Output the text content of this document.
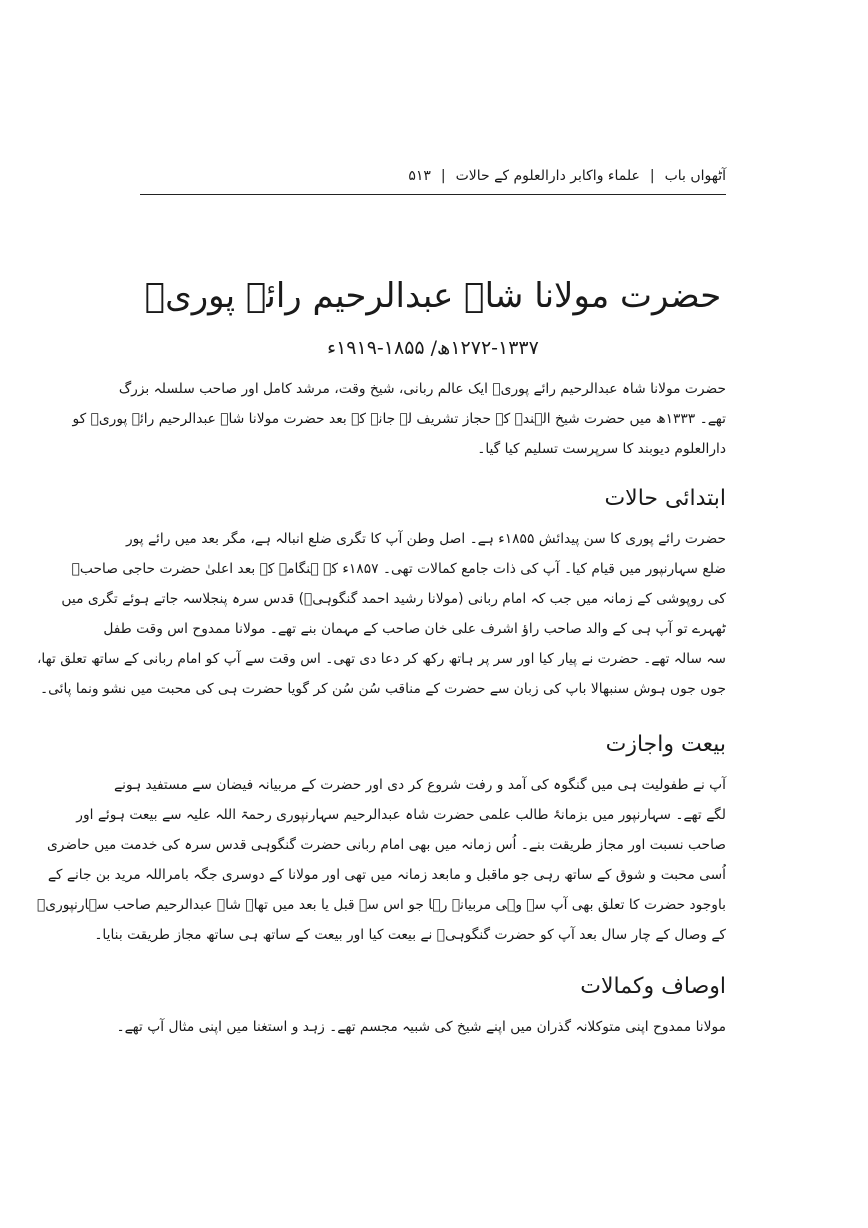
آٹھواں باب
|
علماء واکابر دارالعلوم کے حالات
|
۵۱۳
حضرت مولانا شاہ عبدالرحیم رائے پوریؒ
۱۲۷۲-۱۳۳۷ھ/ ۱۸۵۵-۱۹۱۹ء
حضرت مولانا شاہ عبدالرحیم رائے پوریؒ ایک عالم ربانی، شیخ وقت، مرشد کامل اور صاحب سلسلہ بزرگ
تھے۔ ۱۳۳۳ھ میں حضرت شیخ الہندؒ کے حجاز تشریف لے جانے کے بعد حضرت مولانا شاہ عبدالرحیم رائے پوریؒ کو
دارالعلوم دیوبند کا سرپرست تسلیم کیا گیا۔
ابتدائی حالات
حضرت رائے پوری کا سن پیدائش ۱۸۵۵ء ہے۔ اصل وطن آپ کا تگری ضلع انبالہ ہے، مگر بعد میں رائے پور
ضلع سہارنپور میں قیام کیا۔ آپ کی ذات جامع کمالات تھی۔ ۱۸۵۷ء کے ہنگامہ کے بعد اعلیٰ حضرت حاجی صاحبؒ
کی روپوشی کے زمانہ میں جب کہ امام ربانی (مولانا رشید احمد گنگوہیؒ) قدس سرہ پنجلاسہ جاتے ہوئے تگری میں
ٹھہرے تو آپ ہی کے والد صاحب راؤ اشرف علی خان صاحب کے مہمان بنے تھے۔ مولانا ممدوح اس وقت طفل
سہ سالہ تھے۔ حضرت نے پیار کیا اور سر پر ہاتھ رکھ کر دعا دی تھی۔ اس وقت سے آپ کو امام ربانی کے ساتھ تعلق تھا،
جوں جوں ہوش سنبھالا باپ کی زبان سے حضرت کے مناقب سُن سُن کر گویا حضرت ہی کی محبت میں نشو ونما پائی۔
بیعت واجازت
آپ نے طفولیت ہی میں گنگوہ کی آمد و رفت شروع کر دی اور حضرت کے مربیانہ فیضان سے مستفید ہونے
لگے تھے۔ سہارنپور میں بزمانۂ طالب علمی حضرت شاہ عبدالرحیم سہارنپوری رحمۃ اللہ علیہ سے بیعت ہوئے اور
صاحب نسبت اور مجاز طریقت بنے۔ اُس زمانہ میں بھی امام ربانی حضرت گنگوہی قدس سرہ کی خدمت میں حاضری
اُسی محبت و شوق کے ساتھ رہی جو ماقبل و مابعد زمانہ میں تھی اور مولانا کے دوسری جگہ بامراللہ مرید بن جانے کے
باوجود حضرت کا تعلق بھی آپ سے وہی مربیانہ رہا جو اس سے قبل یا بعد میں تھا۔ شاہ عبدالرحیم صاحب سہارنپوریؒ
کے وصال کے چار سال بعد آپ کو حضرت گنگوہیؒ نے بیعت کیا اور بیعت کے ساتھ ہی ساتھ مجاز طریقت بنایا۔
اوصاف وکمالات
مولانا ممدوح اپنی متوکلانہ گذران میں اپنے شیخ کی شبیہ مجسم تھے۔ زہد و استغنا میں اپنی مثال آپ تھے۔
